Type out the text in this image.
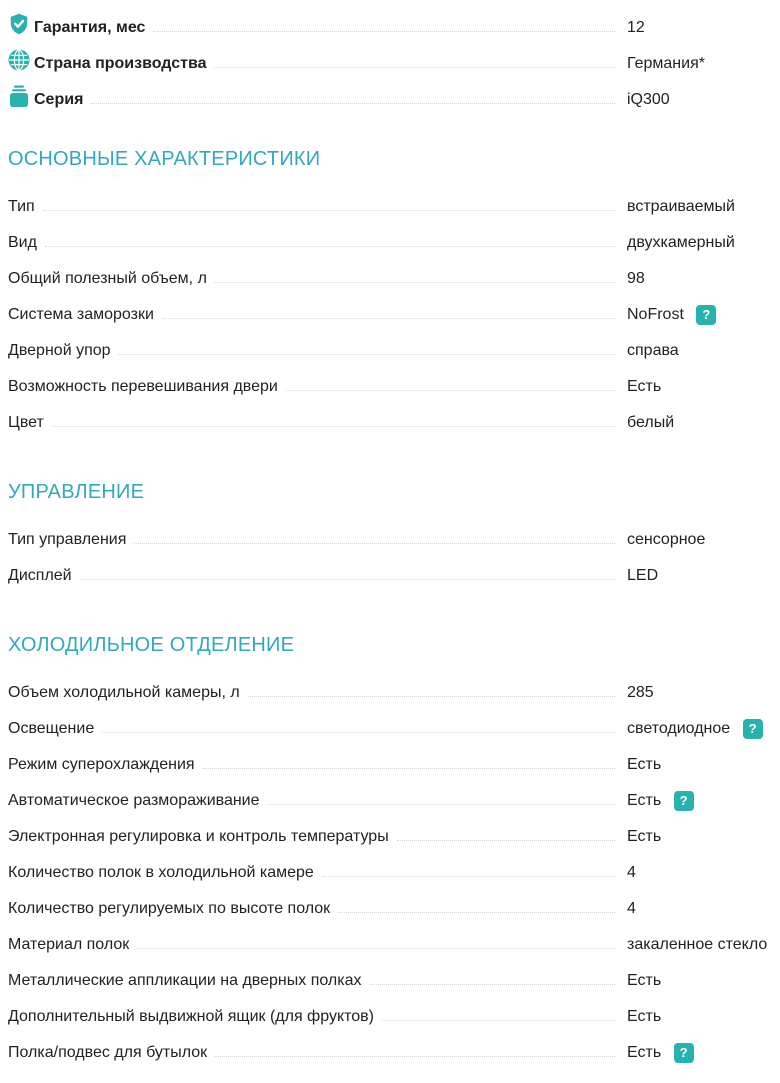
Гарантия, мес	12
Страна производства	Германия*
Серия	iQ300
ОСНОВНЫЕ ХАРАКТЕРИСТИКИ
Тип	встраиваемый
Вид	двухкамерный
Общий полезный объем, л	98
Система заморозки	NoFrost ?
Дверной упор	справа
Возможность перевешивания двери	Есть
Цвет	белый
УПРАВЛЕНИЕ
Тип управления	сенсорное
Дисплей	LED
ХОЛОДИЛЬНОЕ ОТДЕЛЕНИЕ
Объем холодильной камеры, л	285
Освещение	светодиодное ?
Режим суперохлаждения	Есть
Автоматическое размораживание	Есть ?
Электронная регулировка и контроль температуры	Есть
Количество полок в холодильной камере	4
Количество регулируемых по высоте полок	4
Материал полок	закаленное стекло
Металлические аппликации на дверных полках	Есть
Дополнительный выдвижной ящик (для фруктов)	Есть
Полка/подвес для бутылок	Есть ?
